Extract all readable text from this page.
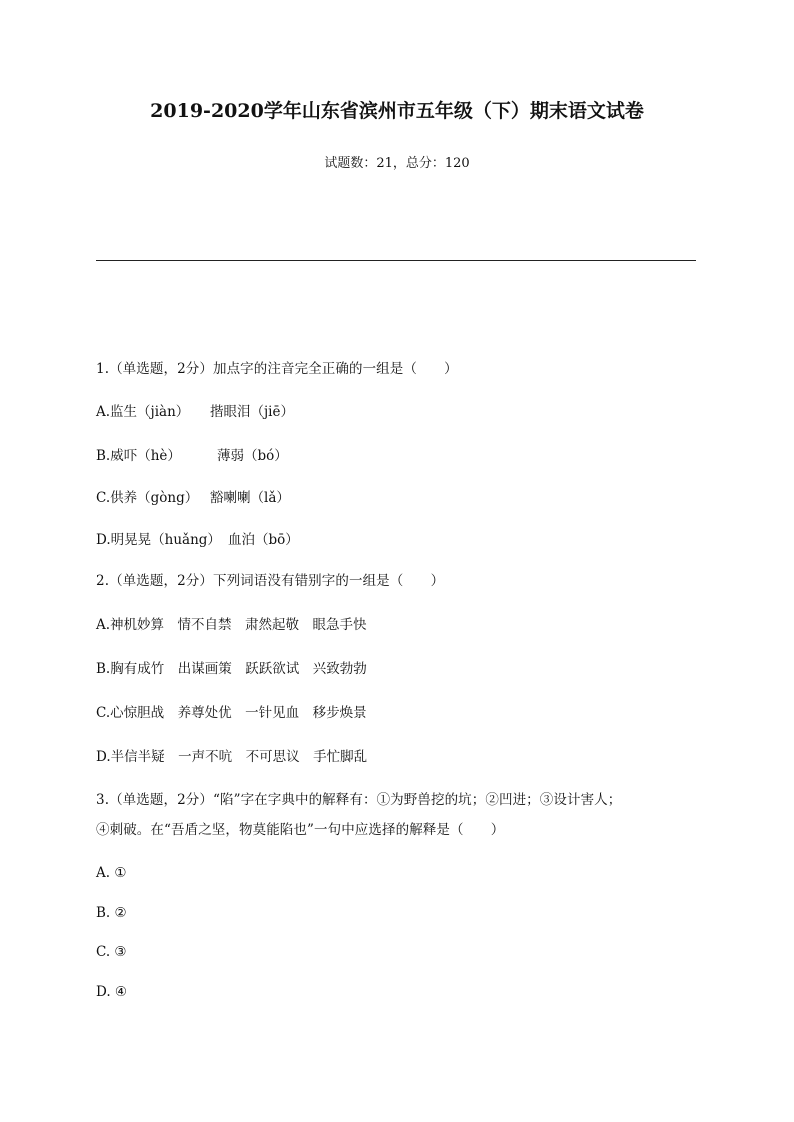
2019-2020学年山东省滨州市五年级（下）期末语文试卷

试题数：21，总分：120

1.（单选题，2分）加点字的注音完全正确的一组是（　　）

A.监生（jiàn）	揩眼泪（jiē）

B.威吓（hè）	薄弱（bó）

C.供养（gòng） 豁喇喇（lǎ）

D.明晃晃（huǎng） 血泊（bō）

2.（单选题，2分）下列词语没有错别字的一组是（　　）

A.神机妙算　情不自禁　肃然起敬　眼急手快

B.胸有成竹　出谋画策　跃跃欲试　兴致勃勃

C.心惊胆战　养尊处优　一针见血　移步焕景

D.半信半疑　一声不吭　不可思议　手忙脚乱

3.（单选题，2分）“陷”字在字典中的解释有：①为野兽挖的坑；②凹进；③设计害人；

④刺破。在“吾盾之坚，物莫能陷也”一句中应选择的解释是（　　）

A. ①

B. ②

C. ③

D. ④
